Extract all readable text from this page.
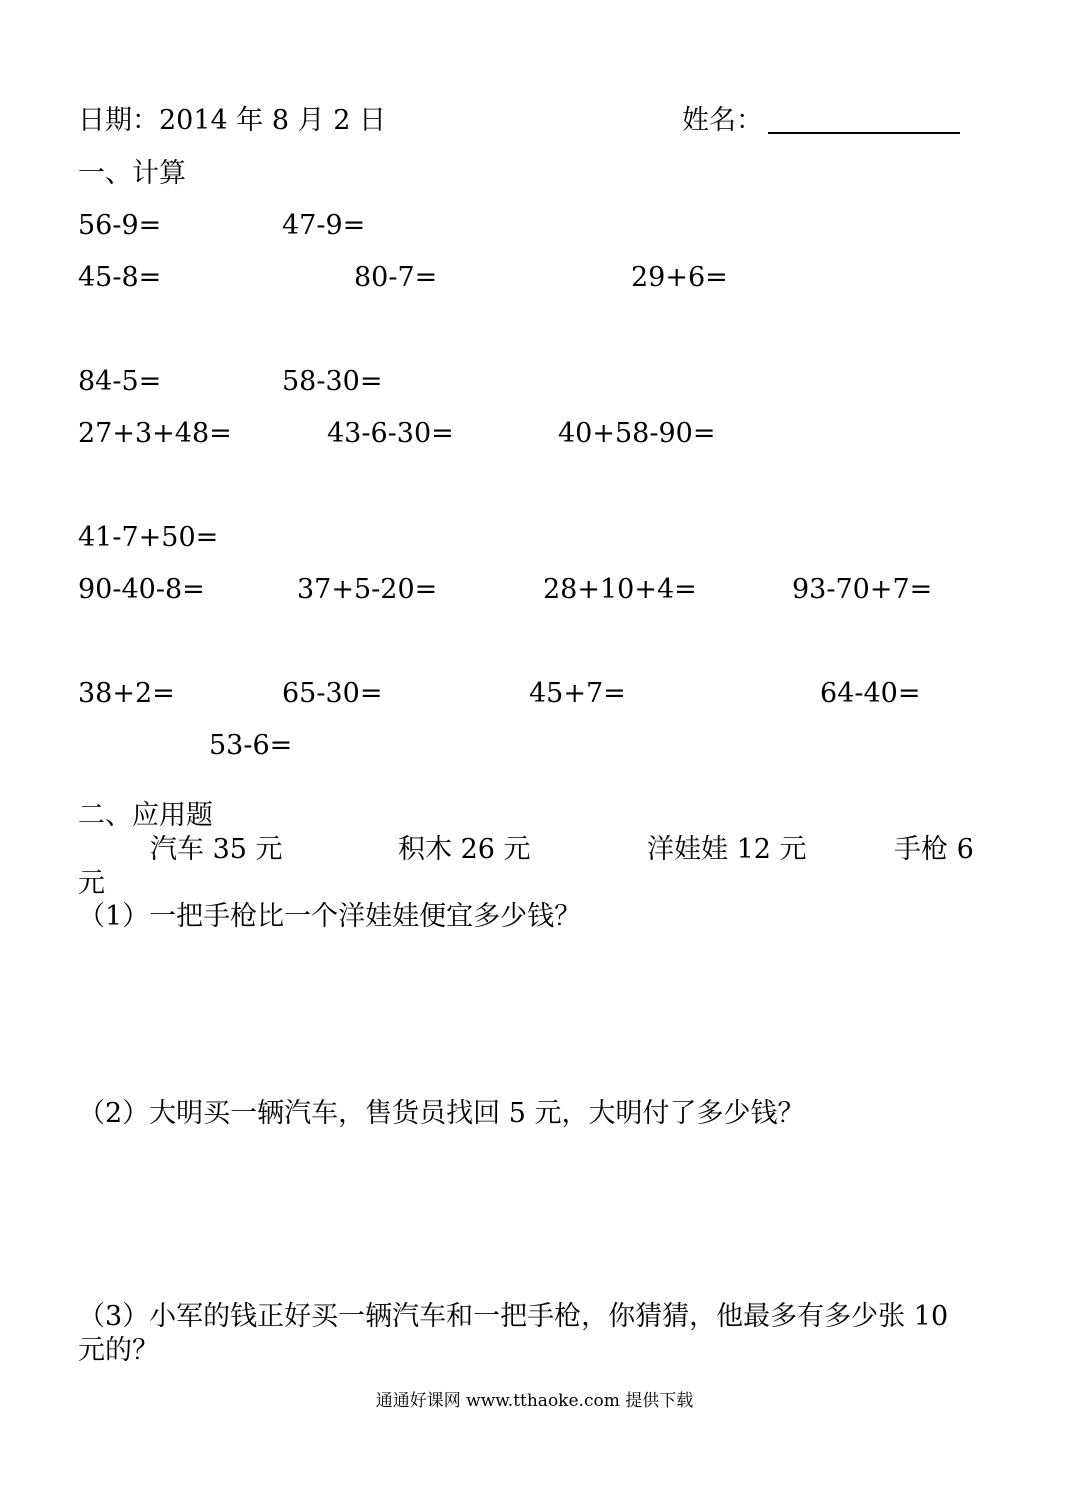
日期：2014 年 8 月 2 日	姓名：
一、计算
56-9=	47-9=
45-8=	80-7=	29+6=
84-5=	58-30=
27+3+48=	43-6-30=	40+58-90=
41-7+50=
90-40-8=	37+5-20=	28+10+4=	93-70+7=
38+2=	65-30=	45+7=	64-40=
53-6=
二、应用题
汽车 35 元	积木 26 元	洋娃娃 12 元	手枪 6
元
（1）一把手枪比一个洋娃娃便宜多少钱？
（2）大明买一辆汽车，售货员找回 5 元，大明付了多少钱？
（3）小军的钱正好买一辆汽车和一把手枪，你猜猜，他最多有多少张 10
元的？
通通好课网 www.tthaoke.com 提供下载
